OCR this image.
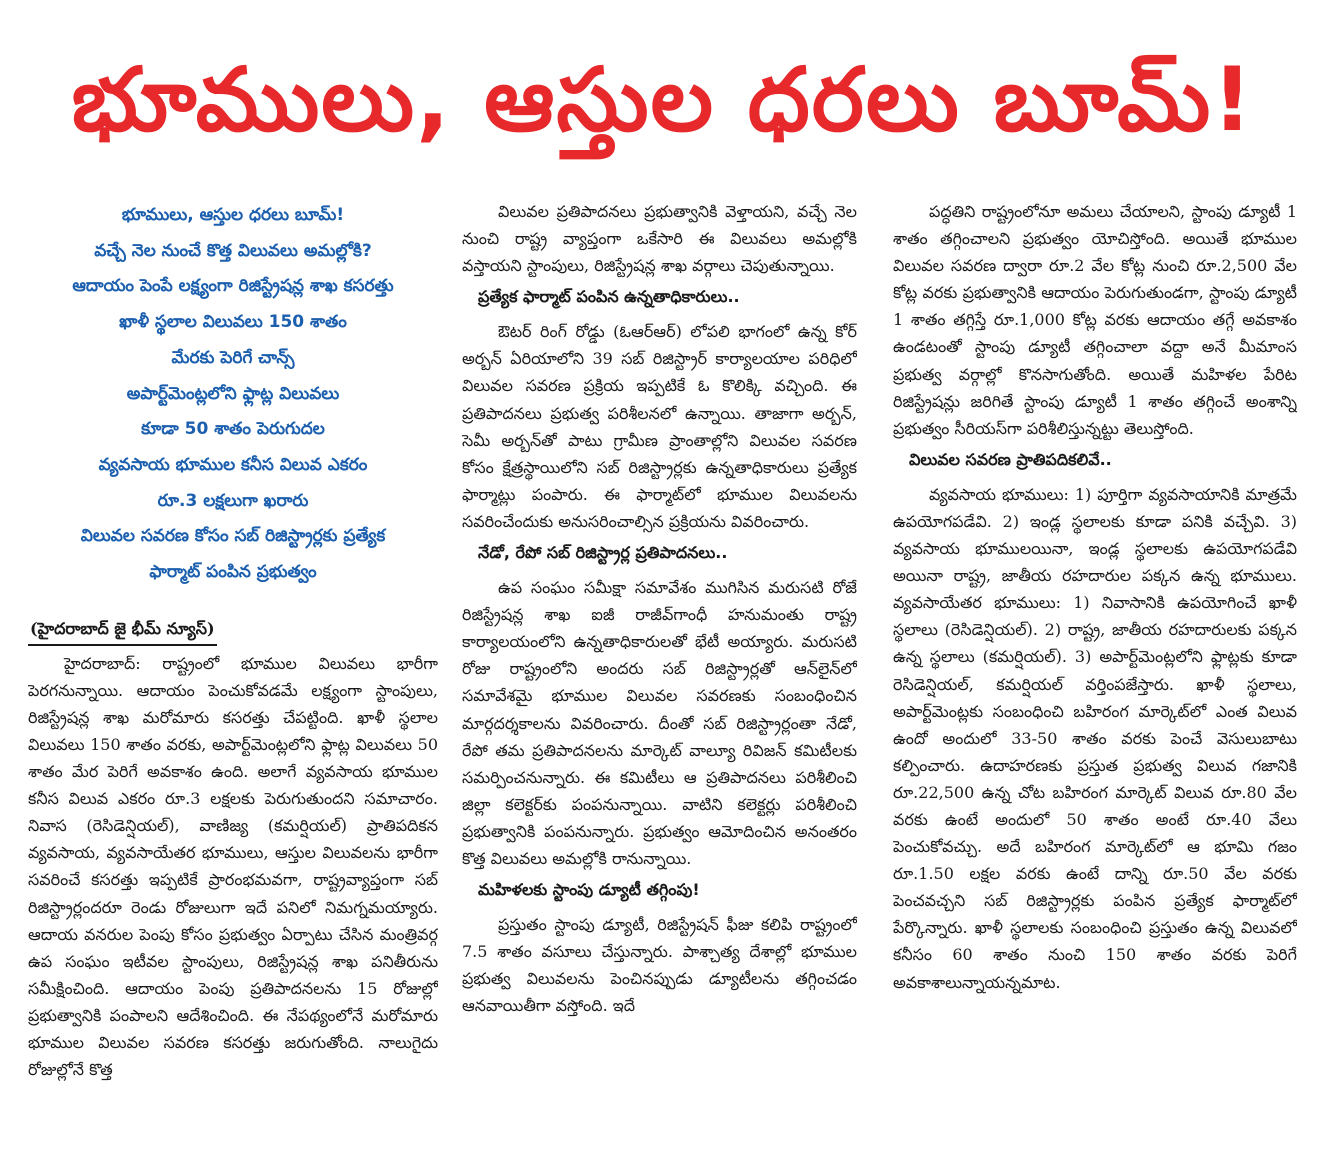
భూములు, ఆస్తుల ధరలు బూమ్!
భూములు, ఆస్తుల ధరలు బూమ్!
వచ్చే నెల నుంచే కొత్త విలువలు అమల్లోకి?
ఆదాయం పెంపే లక్ష్యంగా రిజిస్ట్రేషన్ల శాఖ కసరత్తు
ఖాళీ స్థలాల విలువలు 150 శాతం
మేరకు పెరిగే చాన్స్
అపార్ట్‌మెంట్లలోని ఫ్లాట్ల విలువలు
కూడా 50 శాతం పెరుగుదల
వ్యవసాయ భూముల కనీస విలువ ఎకరం
రూ.3 లక్షలుగా ఖరారు
విలువల సవరణ కోసం సబ్ రిజిస్ట్రార్లకు ప్రత్యేక
ఫార్మాట్ పంపిన ప్రభుత్వం
(హైదరాబాద్ జై భీమ్ న్యూస్)

హైదరాబాద్: రాష్ట్రంలో భూముల విలువలు భారీగా పెరగనున్నాయి. ఆదాయం పెంచుకోవడమే లక్ష్యంగా స్టాంపులు, రిజిస్ట్రేషన్ల శాఖ మరోమారు కసరత్తు చేపట్టింది. ఖాళీ స్థలాల విలువలు 150 శాతం వరకు, అపార్ట్‌మెంట్లలోని ఫ్లాట్ల విలువలు 50 శాతం మేర పెరిగే అవకాశం ఉంది. అలాగే వ్యవసాయ భూముల కనీస విలువ ఎకరం రూ.3 లక్షలకు పెరుగుతుందని సమాచారం. నివాస (రెసిడెన్షియల్), వాణిజ్య (కమర్షియల్) ప్రాతిపదికన వ్యవసాయ, వ్యవసాయేతర భూములు, ఆస్తుల విలువలను భారీగా సవరించే కసరత్తు ఇప్పటికే ప్రారంభమవగా, రాష్ట్రవ్యాప్తంగా సబ్ రిజిస్ట్రార్లందరూ రెండు రోజులుగా ఇదే పనిలో నిమగ్నమయ్యారు. ఆదాయ వనరుల పెంపు కోసం ప్రభుత్వం ఏర్పాటు చేసిన మంత్రివర్గ ఉప సంఘం ఇటీవల స్టాంపులు, రిజిస్ట్రేషన్ల శాఖ పనితీరును సమీక్షించింది. ఆదాయం పెంపు ప్రతిపాదనలను 15 రోజుల్లో ప్రభుత్వానికి పంపాలని ఆదేశించింది. ఈ నేపథ్యంలోనే మరోమారు భూముల విలువల సవరణ కసరత్తు జరుగుతోంది. నాలుగైదు రోజుల్లోనే కొత్త

విలువల ప్రతిపాదనలు ప్రభుత్వానికి వెళ్తాయని, వచ్చే నెల నుంచి రాష్ట్ర వ్యాప్తంగా ఒకేసారి ఈ విలువలు అమల్లోకి వస్తాయని స్టాంపులు, రిజిస్ట్రేషన్ల శాఖ వర్గాలు చెపుతున్నాయి.

ప్రత్యేక ఫార్మాట్ పంపిన ఉన్నతాధికారులు..

ఔటర్ రింగ్ రోడ్డు (ఓఆర్ఆర్) లోపలి భాగంలో ఉన్న కోర్ అర్బన్ ఏరియాలోని 39 సబ్ రిజిస్ట్రార్ కార్యాలయాల పరిధిలో విలువల సవరణ ప్రక్రియ ఇప్పటికే ఓ కొలిక్కి వచ్చింది. ఈ ప్రతిపాదనలు ప్రభుత్వ పరిశీలనలో ఉన్నాయి. తాజాగా అర్బన్, సెమీ అర్బన్‌తో పాటు గ్రామీణ ప్రాంతాల్లోని విలువల సవరణ కోసం క్షేత్రస్థాయిలోని సబ్ రిజిస్ట్రార్లకు ఉన్నతాధికారులు ప్రత్యేక ఫార్మాట్లు పంపారు. ఈ ఫార్మాట్‌లో భూముల విలువలను సవరించేందుకు అనుసరించాల్సిన ప్రక్రియను వివరించారు.

నేడో, రేపో సబ్ రిజిస్ట్రార్ల ప్రతిపాదనలు..

ఉప సంఘం సమీక్షా సమావేశం ముగిసిన మరుసటి రోజే రిజిస్ట్రేషన్ల శాఖ ఐజీ రాజీవ్‌గాంధీ హనుమంతు రాష్ట్ర కార్యాలయంలోని ఉన్నతాధికారులతో భేటీ అయ్యారు. మరుసటి రోజు రాష్ట్రంలోని అందరు సబ్ రిజిస్ట్రార్లతో ఆన్‌లైన్‌లో సమావేశమై భూముల విలువల సవరణకు సంబంధించిన మార్గదర్శకాలను వివరించారు. దీంతో సబ్ రిజిస్ట్రార్లంతా నేడో, రేపో తమ ప్రతిపాదనలను మార్కెట్ వాల్యూ రివిజన్ కమిటీలకు సమర్పించనున్నారు. ఈ కమిటీలు ఆ ప్రతిపాదనలు పరిశీలించి జిల్లా కలెక్టర్‌కు పంపనున్నాయి. వాటిని కలెక్టర్లు పరిశీలించి ప్రభుత్వానికి పంపనున్నారు. ప్రభుత్వం ఆమోదించిన అనంతరం కొత్త విలువలు అమల్లోకి రానున్నాయి.

మహిళలకు స్టాంపు డ్యూటీ తగ్గింపు!

ప్రస్తుతం స్టాంపు డ్యూటీ, రిజిస్ట్రేషన్ ఫీజు కలిపి రాష్ట్రంలో 7.5 శాతం వసూలు చేస్తున్నారు. పాశ్చాత్య దేశాల్లో భూముల ప్రభుత్వ విలువలను పెంచినప్పుడు డ్యూటీలను తగ్గించడం ఆనవాయితీగా వస్తోంది. ఇదే

పద్ధతిని రాష్ట్రంలోనూ అమలు చేయాలని, స్టాంపు డ్యూటీ 1 శాతం తగ్గించాలని ప్రభుత్వం యోచిస్తోంది. అయితే భూముల విలువల సవరణ ద్వారా రూ.2 వేల కోట్ల నుంచి రూ.2,500 వేల కోట్ల వరకు ప్రభుత్వానికి ఆదాయం పెరుగుతుండగా, స్టాంపు డ్యూటీ 1 శాతం తగ్గిస్తే రూ.1,000 కోట్ల వరకు ఆదాయం తగ్గే అవకాశం ఉండటంతో స్టాంపు డ్యూటీ తగ్గించాలా వద్దా అనే మీమాంస ప్రభుత్వ వర్గాల్లో కొనసాగుతోంది. అయితే మహిళల పేరిట రిజిస్ట్రేషన్లు జరిగితే స్టాంపు డ్యూటీ 1 శాతం తగ్గించే అంశాన్ని ప్రభుత్వం సీరియస్‌గా పరిశీలిస్తున్నట్టు తెలుస్తోంది.

విలువల సవరణ ప్రాతిపదికలివే..

వ్యవసాయ భూములు: 1) పూర్తిగా వ్యవసాయానికి మాత్రమే ఉపయోగపడేవి. 2) ఇండ్ల స్థలాలకు కూడా పనికి వచ్చేవి. 3) వ్యవసాయ భూములయినా, ఇండ్ల స్థలాలకు ఉపయోగపడేవి అయినా రాష్ట్ర, జాతీయ రహదారుల పక్కన ఉన్న భూములు. వ్యవసాయేతర భూములు: 1) నివాసానికి ఉపయోగించే ఖాళీ స్థలాలు (రెసిడెన్షియల్). 2) రాష్ట్ర, జాతీయ రహదారులకు పక్కన ఉన్న స్థలాలు (కమర్షియల్). 3) అపార్ట్‌మెంట్లలోని ఫ్లాట్లకు కూడా రెసిడెన్షియల్, కమర్షియల్ వర్తింపజేస్తారు. ఖాళీ స్థలాలు, అపార్ట్‌మెంట్లకు సంబంధించి బహిరంగ మార్కెట్‌లో ఎంత విలువ ఉందో అందులో 33-50 శాతం వరకు పెంచే వెసులుబాటు కల్పించారు. ఉదాహరణకు ప్రస్తుత ప్రభుత్వ విలువ గజానికి రూ.22,500 ఉన్న చోట బహిరంగ మార్కెట్ విలువ రూ.80 వేల వరకు ఉంటే అందులో 50 శాతం అంటే రూ.40 వేలు పెంచుకోవచ్చు. అదే బహిరంగ మార్కెట్‌లో ఆ భూమి గజం రూ.1.50 లక్షల వరకు ఉంటే దాన్ని రూ.50 వేల వరకు పెంచవచ్చని సబ్ రిజిస్ట్రార్లకు పంపిన ప్రత్యేక ఫార్మాట్‌లో పేర్కొన్నారు. ఖాళీ స్థలాలకు సంబంధించి ప్రస్తుతం ఉన్న విలువలో కనీసం 60 శాతం నుంచి 150 శాతం వరకు పెరిగే అవకాశాలున్నాయన్నమాట.
